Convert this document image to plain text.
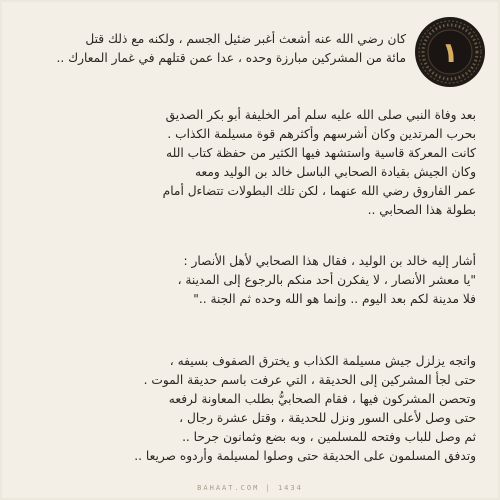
١

كان رضي الله عنه أشعث أغبر ضئيل الجسم ، ولكنه مع ذلك قتل

مائة من المشركين مبارزة وحده ، عدا عمن قتلهم في غمار المعارك ..

بعد وفاة النبي صلى الله عليه سلم أمر الخليفة أبو بكر الصديق

بحرب المرتدين وكان أشرسهم وأكثرهم قوة مسيلمة الكذاب .

كانت المعركة قاسية واستشهد فيها الكثير من حفظة كتاب الله

وكان الجيش بقيادة الصحابي الباسل خالد بن الوليد ومعه

عمر الفاروق رضي الله عنهما ، لكن تلك البطولات تتضاءل أمام

بطولة هذا الصحابي ..

أشار إليه خالد بن الوليد ، فقال هذا الصحابي لأهل الأنصار :

"يا معشر الأنصار ، لا يفكرن أحد منكم بالرجوع إلى المدينة ،

فلا مدينة لكم بعد اليوم .. وإنما هو الله وحده ثم الجنة .."

واتجه يزلزل جيش مسيلمة الكذاب و يخترق الصفوف بسيفه ،

حتى لجأ المشركين إلى الحديقة ، التي عرفت باسم حديقة الموت .

وتحصن المشركون فيها ، فقام الصحابيُّ بطلب المعاونة لرفعه

حتى وصل لأعلى السور ونزل للحديقة ، وقتل عشرة رجال ،

ثم وصل للباب وفتحه للمسلمين ، وبه بضع وثمانون جرحا ..

وتدفق المسلمون على الحديقة حتى وصلوا لمسيلمة وأردوه صريعا ..

BAHAAT.COM | 1434
